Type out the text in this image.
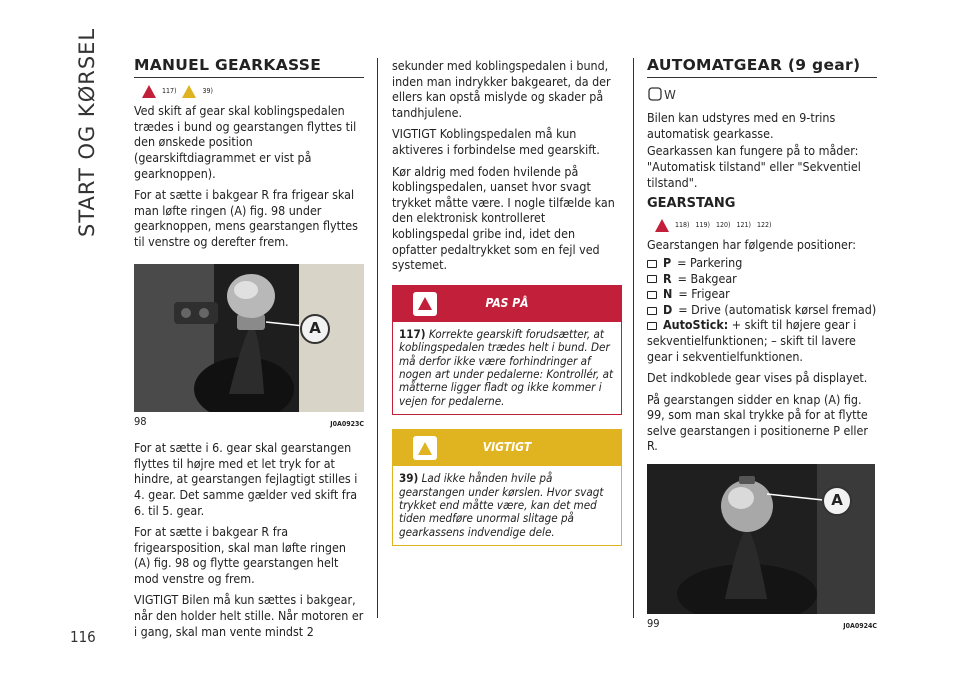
START OG KØRSEL
116
MANUEL GEARKASSE
117)	39)

Ved skift af gear skal koblingspedalen trædes i bund og gearstangen flyttes til den ønskede position (gearskiftdiagrammet er vist på gearknoppen).

For at sætte i bakgear R fra frigear skal man løfte ringen (A) fig. 98 under gearknoppen, mens gearstangen flyttes til venstre og derefter frem.

A
98	J0A0923C

For at sætte i 6. gear skal gearstangen flyttes til højre med et let tryk for at hindre, at gearstangen fejlagtigt stilles i 4. gear. Det samme gælder ved skift fra 6. til 5. gear.

For at sætte i bakgear R fra frigearsposition, skal man løfte ringen (A) fig. 98 og flytte gearstangen helt mod venstre og frem.

VIGTIGT Bilen må kun sættes i bakgear, når den holder helt stille. Når motoren er i gang, skal man vente mindst 2

sekunder med koblingspedalen i bund, inden man indrykker bakgearet, da der ellers kan opstå mislyde og skader på tandhjulene.

VIGTIGT Koblingspedalen må kun aktiveres i forbindelse med gearskift.

Kør aldrig med foden hvilende på koblingspedalen, uanset hvor svagt trykket måtte være. I nogle tilfælde kan den elektronisk kontrolleret koblingspedal gribe ind, idet den opfatter pedaltrykket som en fejl ved systemet.

PAS PÅ
117) Korrekte gearskift forudsætter, at koblingspedalen trædes helt i bund. Der må derfor ikke være forhindringer af nogen art under pedalerne: Kontrollér, at måtterne ligger fladt og ikke kommer i vejen for pedalerne.
VIGTIGT
39) Lad ikke hånden hvile på gearstangen under kørslen. Hvor svagt trykket end måtte være, kan det med tiden medføre unormal slitage på gearkassens indvendige dele.
AUTOMATGEAR (9 gear)
W

Bilen kan udstyres med en 9-trins automatisk gearkasse.

Gearkassen kan fungere på to måder: "Automatisk tilstand" eller "Sekventiel tilstand".

GEARSTANG
118) 119) 120) 121) 122)

Gearstangen har følgende positioner:

P = Parkering
R = Bakgear
N = Frigear
D = Drive (automatisk kørsel fremad)
AutoStick: + skift til højere gear i sekventielfunktionen; – skift til lavere gear i sekventielfunktionen.

Det indkoblede gear vises på displayet.

På gearstangen sidder en knap (A) fig. 99, som man skal trykke på for at flytte selve gearstangen i positionerne P eller R.

A
99	J0A0924C
